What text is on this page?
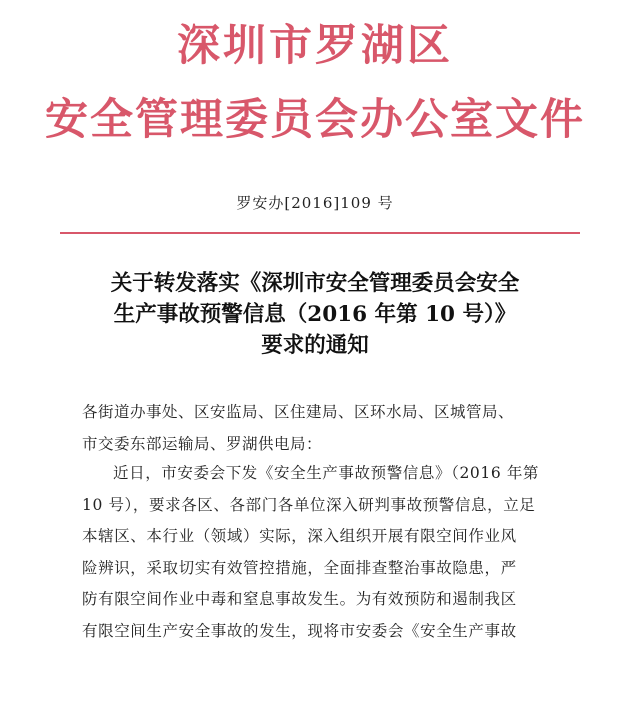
深圳市罗湖区
安全管理委员会办公室文件
罗安办[2016]109 号
关于转发落实《深圳市安全管理委员会安全
生产事故预警信息（2016 年第 10 号）》
要求的通知
各街道办事处、区安监局、区住建局、区环水局、区城管局、
市交委东部运输局、罗湖供电局：
近日，市安委会下发《安全生产事故预警信息》（2016 年第
10 号），要求各区、各部门各单位深入研判事故预警信息，立足
本辖区、本行业（领域）实际，深入组织开展有限空间作业风
险辨识，采取切实有效管控措施，全面排查整治事故隐患，严
防有限空间作业中毒和窒息事故发生。为有效预防和遏制我区
有限空间生产安全事故的发生，现将市安委会《安全生产事故
